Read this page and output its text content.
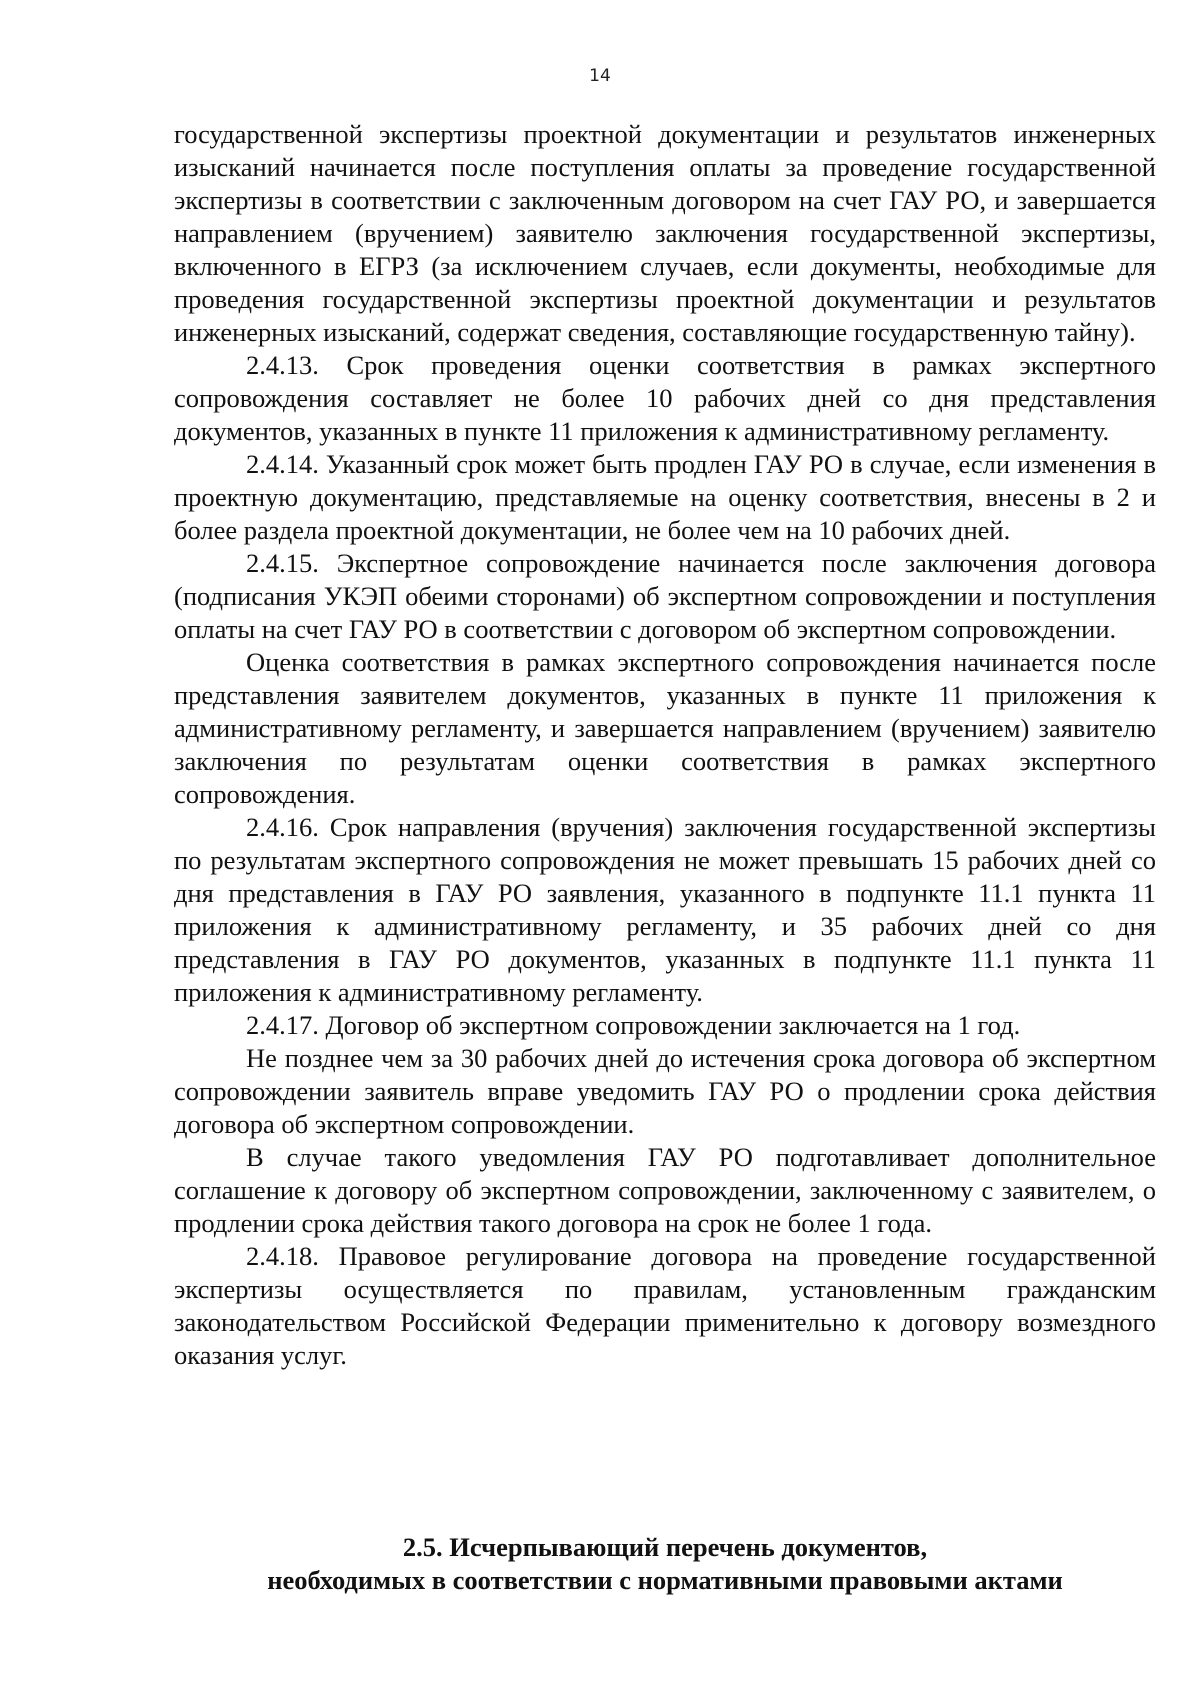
14

государственной экспертизы проектной документации и результатов инженерных изысканий начинается после поступления оплаты за проведение государственной экспертизы в соответствии с заключенным договором на счет ГАУ РО, и завершается направлением (вручением) заявителю заключения государственной экспертизы, включенного в ЕГРЗ (за исключением случаев, если документы, необходимые для проведения государственной экспертизы проектной документации и результатов инженерных изысканий, содержат сведения, составляющие государственную тайну).

2.4.13. Срок проведения оценки соответствия в рамках экспертного сопровождения составляет не более 10 рабочих дней со дня представления документов, указанных в пункте 11 приложения к административному регламенту.

2.4.14. Указанный срок может быть продлен ГАУ РО в случае, если изменения в проектную документацию, представляемые на оценку соответствия, внесены в 2 и более раздела проектной документации, не более чем на 10 рабочих дней.

2.4.15. Экспертное сопровождение начинается после заключения договора (подписания УКЭП обеими сторонами) об экспертном сопровождении и поступления оплаты на счет ГАУ РО в соответствии с договором об экспертном сопровождении.

Оценка соответствия в рамках экспертного сопровождения начинается после представления заявителем документов, указанных в пункте 11 приложения к административному регламенту, и завершается направлением (вручением) заявителю заключения по результатам оценки соответствия в рамках экспертного сопровождения.

2.4.16. Срок направления (вручения) заключения государственной экспертизы по результатам экспертного сопровождения не может превышать 15 рабочих дней со дня представления в ГАУ РО заявления, указанного в подпункте 11.1 пункта 11 приложения к административному регламенту, и 35 рабочих дней со дня представления в ГАУ РО документов, указанных в подпункте 11.1 пункта 11 приложения к административному регламенту.

2.4.17. Договор об экспертном сопровождении заключается на 1 год.

Не позднее чем за 30 рабочих дней до истечения срока договора об экспертном сопровождении заявитель вправе уведомить ГАУ РО о продлении срока действия договора об экспертном сопровождении.

В случае такого уведомления ГАУ РО подготавливает дополнительное соглашение к договору об экспертном сопровождении, заключенному с заявителем, о продлении срока действия такого договора на срок не более 1 года.

2.4.18. Правовое регулирование договора на проведение государственной экспертизы осуществляется по правилам, установленным гражданским законодательством Российской Федерации применительно к договору возмездного оказания услуг.

2.5. Исчерпывающий перечень документов,
необходимых в соответствии с нормативными правовыми актами
